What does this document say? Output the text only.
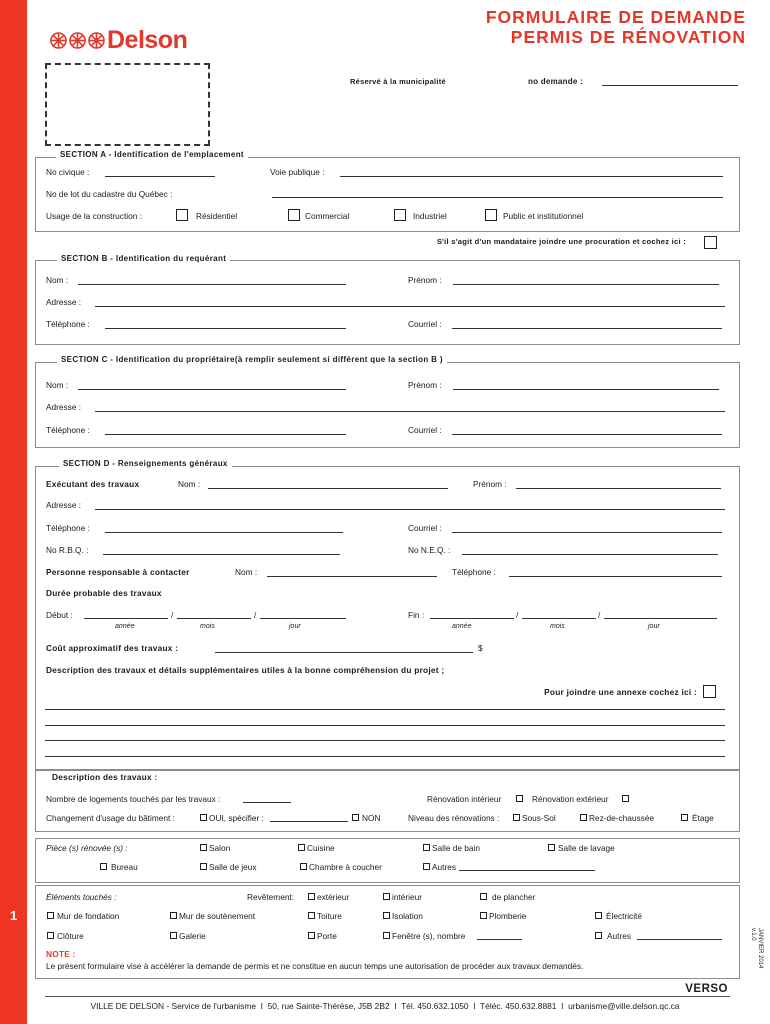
1
Delson
FORMULAIRE DE DEMANDE
PERMIS DE RÉNOVATION
Réservé à la municipalité	no demande :
SECTION A - Identification de l'emplacement
No civique :	Voie publique :
No de lot du cadastre du Québec :
Usage de la construction :	Résidentiel	Commercial	Industriel	Public et institutionnel
S'il s'agit d'un mandataire joindre une procuration et cochez ici :
SECTION B - Identification du requérant
Nom :	Prénom :
Adresse :
Téléphone :	Courriel :
SECTION C - Identification du propriétaire(à remplir seulement si différent que la section B )
Nom :	Prénom :
Adresse :
Téléphone :	Courriel :
SECTION D - Renseignements généraux
Exécutant des travaux	Nom :	Prénom :
Adresse :
Téléphone :	Courriel :
No R.B.Q. :	No N.E.Q. :
Personne responsable à contacter	Nom :	Téléphone :
Durée probable des travaux
Début :	/	/
année	mois	jour
Fin :	/	/
année	mois	jour
Coût approximatif des travaux :	$
Description des travaux et détails supplémentaires utiles à la bonne compréhension du projet ;
Pour joindre une annexe cochez ici :
Description des travaux :
Nombre de logements touchés par les travaux :	Rénovation intérieur	Rénovation extérieur
Changement d'usage du bâtiment :	OUI, spécifier :	NON	Niveau des rénovations :	Sous-Sol	Rez-de-chaussée	Étage
Pièce (s) rénovée (s) :	Salon	Cuisine	Salle de bain	Salle de lavage
Bureau	Salle de jeux	Chambre à coucher	Autres
Éléments touchés :	Revêtement:	extérieur	intérieur	de plancher
Mur de fondation	Mur de soutènement	Toiture	Isolation	Plomberie	Électricité
Clôture	Galerie	Porte	Fenêtre (s), nombre	Autres
NOTE :
Le présent formulaire vise à accélérer la demande de permis et ne constitue en aucun temps une autorisation de procéder aux travaux demandés.	JANVIER 2014
v.1.0
VERSO
VILLE DE DELSON - Service de l'urbanisme  I  50, rue Sainte-Thérèse, J5B 2B2  I  Tél. 450.632.1050  I  Téléc. 450.632.8881  I  urbanisme@ville.delson.qc.ca
